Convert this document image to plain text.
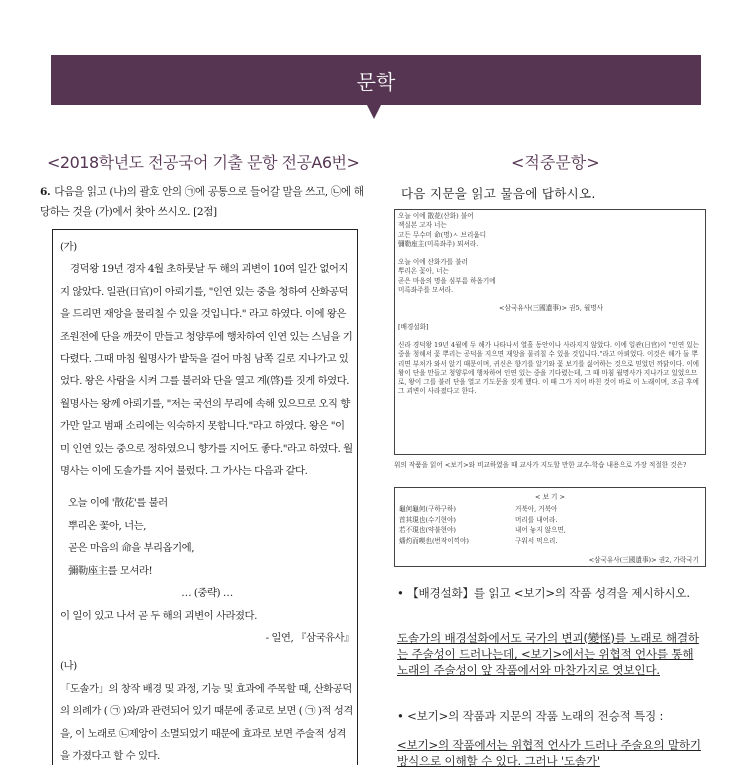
문학
<2018학년도 전공국어 기출 문항 전공A6번>	<적중문항>
6. 다음을 읽고 (나)의 괄호 안의 ㉠에 공통으로 들어갈 말을 쓰고, ㉡에 해당하는 것을 (가)에서 찾아 쓰시오. [2점]

(가)

경덕왕 19년 경자 4월 초하룻날 두 해의 괴변이 10여 일간 없어지지 않았다. 일관(日官)이 아뢰기를, "인연 있는 중을 청하여 산화공덕을 드리면 재앙을 물리칠 수 있을 것입니다." 라고 하였다. 이에 왕은 조원전에 단을 깨끗이 만들고 청양루에 행차하여 인연 있는 스님을 기다렸다. 그때 마침 월명사가 밭둑을 걸어 마침 남쪽 길로 지나가고 있었다. 왕은 사람을 시켜 그를 불러와 단을 열고 계(啓)를 짓게 하였다. 월명사는 왕께 아뢰기를, "저는 국선의 무리에 속해 있으므로 오직 향가만 알고 범패 소리에는 익숙하지 못합니다."라고 하였다. 왕은 "이미 인연 있는 중으로 정하였으니 향가를 지어도 좋다."라고 하였다. 월명사는 이에 도솔가를 지어 불렀다. 그 가사는 다음과 같다.

오늘 이에 '散花'를 불러

뿌리온 꽃아, 너는,

곧은 마음의 命을 부리옵기에,

彌勒座主를 모셔라!

… (중략) …

이 일이 있고 나서 곧 두 해의 괴변이 사라졌다.

- 일연, 『삼국유사』

(나)

「도솔가」의 창작 배경 및 과정, 기능 및 효과에 주목할 때, 산화공덕의 의례가 ( ㉠ )와/과 관련되어 있기 때문에 종교로 보면 ( ㉠ )적 성격을, 이 노래로 ㉡제앙이 소멸되었기 때문에 효과로 보면 주술적 성격을 가졌다고 할 수 있다.

다음 지문을 읽고 물음에 답하시오.

오늘 이에 散花(산화) 불어

잭실본 고자 너는

고든 무수미 命(명)ㅅ 브리웁디

彌勒座主(미륵좌주) 뫼셔라.

오늘 이에 산화가를 불러

뿌리온 꽃아, 너는

곧은 마음의 명을 심부름 하옵기에

미륵좌주를 모셔라.

<삼국유사(三國遺事)> 권5, 월명사

[배경설화]

신라 경덕왕 19년 4월에 두 해가 나타나서 열흘 동안이나 사라지지 않았다. 이에 일관(日官)이 "인연 있는 중을 청해서 꽃 뿌리는 공덕을 지으면 재앙을 물리칠 수 있을 것입니다."라고 아뢰었다. 이것은 해가 둘 뿌리면 부처가 와서 앉기 때문이며, 귀신은 향기를 알기와 꽃 보기를 싫어하는 것으로 믿었던 까닭이다. 이에 왕이 단을 만들고 청양루에 행차하여 인연 있는 중을 기다렸는데, 그 때 마침 월명사가 지나가고 있었으므로, 왕이 그를 불러 단을 열고 기도문을 짓게 했다. 이 때 그가 지어 바친 것이 바로 이 노래이며, 조금 후에 그 괴변이 사라졌다고 한다.

위의 작품을 읽어 <보기>와 비교하였을 때 교사가 지도할 만한 교수-학습 내용으로 가장 적절한 것은?
< 보 기 >

龜何龜何(구하구하)

首其現也(수기현야)

若不現也(약불현야)

燔灼而喫也(번작이끽야)

거북아, 거북아

머리를 내어라.

내어 놓지 않으면,

구워서 먹으리.

<삼국유사(三國遺事)> 권2, 가락국기
• 【배경설화】를 읽고 <보기>의 작품 성격을 제시하시오.
도솔가의 배경설화에서도 국가의 변괴(變怪)를 노래로 해결하는 주술성이 드러나는데, <보기>에서는 위협적 언사를 통해 노래의 주술성이 앞 작품에서와 마찬가지로 엿보인다.
• <보기>의 작품과 지문의 작품 노래의 전승적 특징 :
<보기>의 작품에서는 위협적 언사가 드러나 주술요의 말하기 방식으로 이해할 수 있다. 그러나 '도솔가'
